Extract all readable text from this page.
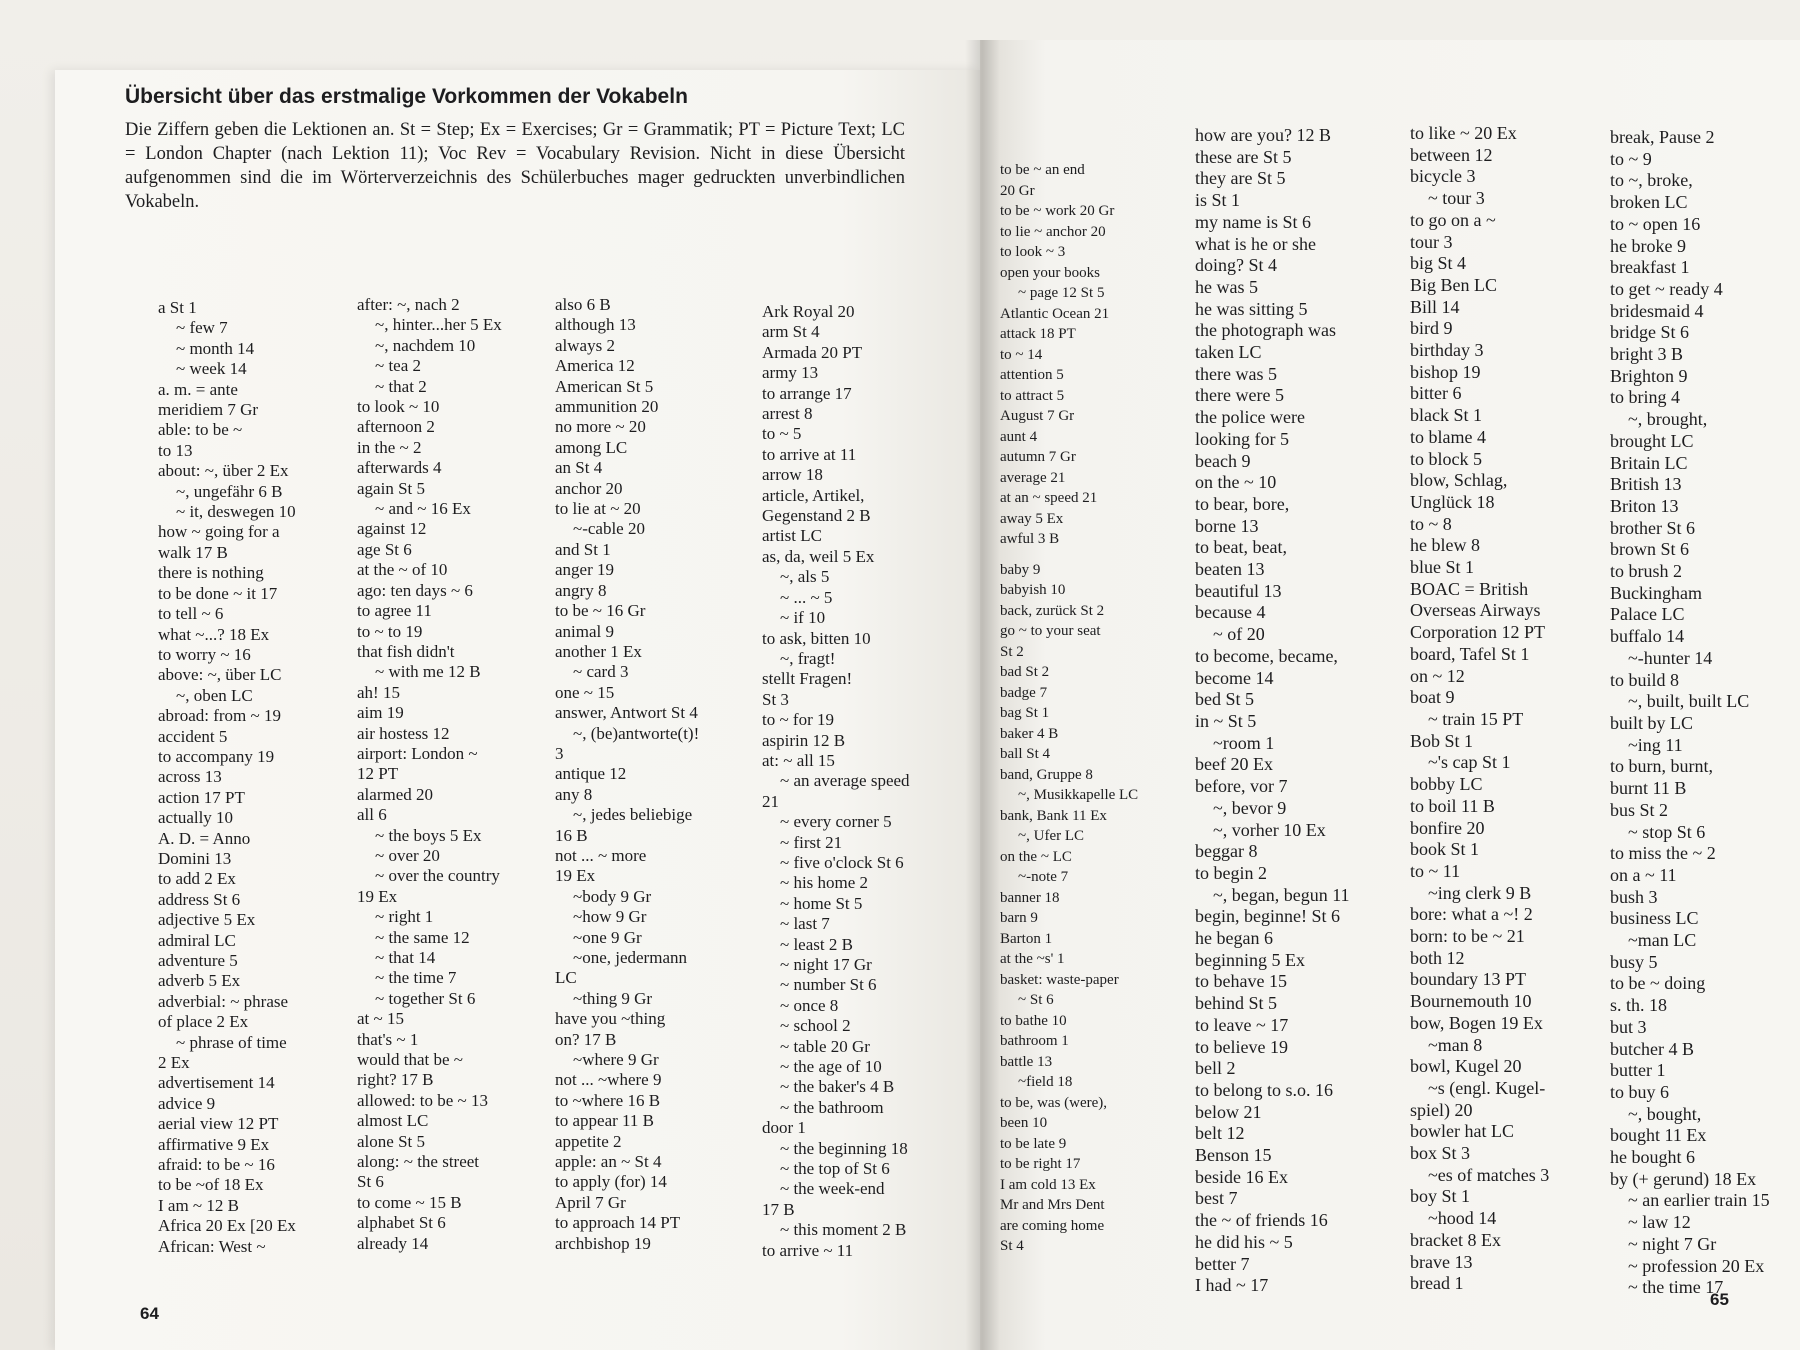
Übersicht über das erstmalige Vorkommen der Vokabeln

Die Ziffern geben die Lektionen an. St = Step; Ex = Exercises; Gr = Grammatik; PT = Picture Text; LC = London Chapter (nach Lektion 11); Voc Rev = Vocabulary Revision. Nicht in diese Übersicht aufgenommen sind die im Wörterverzeichnis des Schülerbuches mager gedruckten unverbindlichen Vokabeln.

a St 1
~ few 7
~ month 14
~ week 14
a. m. = ante
meridiem 7 Gr
able: to be ~
to 13
about: ~, über 2 Ex
~, ungefähr 6 B
~ it, deswegen 10
how ~ going for a
walk 17 B
there is nothing
to be done ~ it 17
to tell ~ 6
what ~...? 18 Ex
to worry ~ 16
above: ~, über LC
~, oben LC
abroad: from ~ 19
accident 5
to accompany 19
across 13
action 17 PT
actually 10
A. D. = Anno
Domini 13
to add 2 Ex
address St 6
adjective 5 Ex
admiral LC
adventure 5
adverb 5 Ex
adverbial: ~ phrase
of place 2 Ex
~ phrase of time
2 Ex
advertisement 14
advice 9
aerial view 12 PT
affirmative 9 Ex
afraid: to be ~ 16
to be ~of 18 Ex
I am ~ 12 B
Africa 20 Ex [20 Ex
African: West ~
after: ~, nach 2
~, hinter...her 5 Ex
~, nachdem 10
~ tea 2
~ that 2
to look ~ 10
afternoon 2
in the ~ 2
afterwards 4
again St 5
~ and ~ 16 Ex
against 12
age St 6
at the ~ of 10
ago: ten days ~ 6
to agree 11
to ~ to 19
that fish didn't
~ with me 12 B
ah! 15
aim 19
air hostess 12
airport: London ~
12 PT
alarmed 20
all 6
~ the boys 5 Ex
~ over 20
~ over the country
19 Ex
~ right 1
~ the same 12
~ that 14
~ the time 7
~ together St 6
at ~ 15
that's ~ 1
would that be ~
right? 17 B
allowed: to be ~ 13
almost LC
alone St 5
along: ~ the street
St 6
to come ~ 15 B
alphabet St 6
already 14
also 6 B
although 13
always 2
America 12
American St 5
ammunition 20
no more ~ 20
among LC
an St 4
anchor 20
to lie at ~ 20
~-cable 20
and St 1
anger 19
angry 8
to be ~ 16 Gr
animal 9
another 1 Ex
~ card 3
one ~ 15
answer, Antwort St 4
~, (be)antworte(t)!
3
antique 12
any 8
~, jedes beliebige
16 B
not ... ~ more
19 Ex
~body 9 Gr
~how 9 Gr
~one 9 Gr
~one, jedermann
LC
~thing 9 Gr
have you ~thing
on? 17 B
~where 9 Gr
not ... ~where 9
to ~where 16 B
to appear 11 B
appetite 2
apple: an ~ St 4
to apply (for) 14
April 7 Gr
to approach 14 PT
archbishop 19
Ark Royal 20
arm St 4
Armada 20 PT
army 13
to arrange 17
arrest 8
to ~ 5
to arrive at 11
arrow 18
article, Artikel,
Gegenstand 2 B
artist LC
as, da, weil 5 Ex
~, als 5
~ ... ~ 5
~ if 10
to ask, bitten 10
~, fragt!
stellt Fragen!
St 3
to ~ for 19
aspirin 12 B
at: ~ all 15
~ an average speed
21
~ every corner 5
~ first 21
~ five o'clock St 6
~ his home 2
~ home St 5
~ last 7
~ least 2 B
~ night 17 Gr
~ number St 6
~ once 8
~ school 2
~ table 20 Gr
~ the age of 10
~ the baker's 4 B
~ the bathroom
door 1
~ the beginning 18
~ the top of St 6
~ the week-end
17 B
~ this moment 2 B
to arrive ~ 11
64
to be ~ an end
20 Gr
to be ~ work 20 Gr
to lie ~ anchor 20
to look ~ 3
open your books
~ page 12 St 5
Atlantic Ocean 21
attack 18 PT
to ~ 14
attention 5
to attract 5
August 7 Gr
aunt 4
autumn 7 Gr
average 21
at an ~ speed 21
away 5 Ex
awful 3 B
baby 9
babyish 10
back, zurück St 2
go ~ to your seat
St 2
bad St 2
badge 7
bag St 1
baker 4 B
ball St 4
band, Gruppe 8
~, Musikkapelle LC
bank, Bank 11 Ex
~, Ufer LC
on the ~ LC
~-note 7
banner 18
barn 9
Barton 1
at the ~s' 1
basket: waste-paper
~ St 6
to bathe 10
bathroom 1
battle 13
~field 18
to be, was (were),
been 10
to be late 9
to be right 17
I am cold 13 Ex
Mr and Mrs Dent
are coming home
St 4
how are you? 12 B
these are St 5
they are St 5
is St 1
my name is St 6
what is he or she
doing? St 4
he was 5
he was sitting 5
the photograph was
taken LC
there was 5
there were 5
the police were
looking for 5
beach 9
on the ~ 10
to bear, bore,
borne 13
to beat, beat,
beaten 13
beautiful 13
because 4
~ of 20
to become, became,
become 14
bed St 5
in ~ St 5
~room 1
beef 20 Ex
before, vor 7
~, bevor 9
~, vorher 10 Ex
beggar 8
to begin 2
~, began, begun 11
begin, beginne! St 6
he began 6
beginning 5 Ex
to behave 15
behind St 5
to leave ~ 17
to believe 19
bell 2
to belong to s.o. 16
below 21
belt 12
Benson 15
beside 16 Ex
best 7
the ~ of friends 16
he did his ~ 5
better 7
I had ~ 17
to like ~ 20 Ex
between 12
bicycle 3
~ tour 3
to go on a ~
tour 3
big St 4
Big Ben LC
Bill 14
bird 9
birthday 3
bishop 19
bitter 6
black St 1
to blame 4
to block 5
blow, Schlag,
Unglück 18
to ~ 8
he blew 8
blue St 1
BOAC = British
Overseas Airways
Corporation 12 PT
board, Tafel St 1
on ~ 12
boat 9
~ train 15 PT
Bob St 1
~'s cap St 1
bobby LC
to boil 11 B
bonfire 20
book St 1
to ~ 11
~ing clerk 9 B
bore: what a ~! 2
born: to be ~ 21
both 12
boundary 13 PT
Bournemouth 10
bow, Bogen 19 Ex
~man 8
bowl, Kugel 20
~s (engl. Kugel-
spiel) 20
bowler hat LC
box St 3
~es of matches 3
boy St 1
~hood 14
bracket 8 Ex
brave 13
bread 1
break, Pause 2
to ~ 9
to ~, broke,
broken LC
to ~ open 16
he broke 9
breakfast 1
to get ~ ready 4
bridesmaid 4
bridge St 6
bright 3 B
Brighton 9
to bring 4
~, brought,
brought LC
Britain LC
British 13
Briton 13
brother St 6
brown St 6
to brush 2
Buckingham
Palace LC
buffalo 14
~-hunter 14
to build 8
~, built, built LC
built by LC
~ing 11
to burn, burnt,
burnt 11 B
bus St 2
~ stop St 6
to miss the ~ 2
on a ~ 11
bush 3
business LC
~man LC
busy 5
to be ~ doing
s. th. 18
but 3
butcher 4 B
butter 1
to buy 6
~, bought,
bought 11 Ex
he bought 6
by (+ gerund) 18 Ex
~ an earlier train 15
~ law 12
~ night 7 Gr
~ profession 20 Ex
~ the time 17
65
